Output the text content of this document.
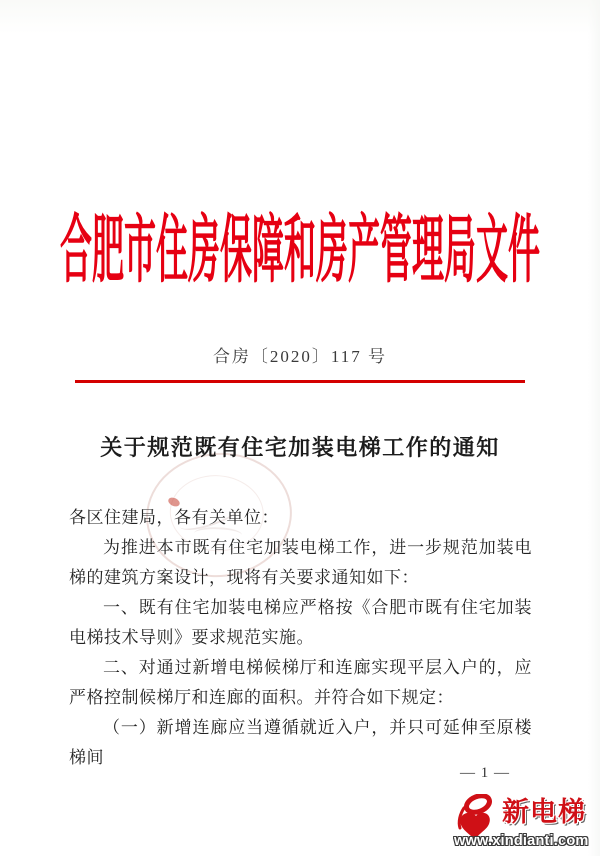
合肥市住房保障和房产管理局文件
合房〔2020〕117 号
关于规范既有住宅加装电梯工作的通知

各区住建局，各有关单位：

为推进本市既有住宅加装电梯工作，进一步规范加装电梯的建筑方案设计，现将有关要求通知如下：

一、既有住宅加装电梯应严格按《合肥市既有住宅加装电梯技术导则》要求规范实施。

二、对通过新增电梯候梯厅和连廊实现平层入户的，应严格控制候梯厅和连廊的面积。并符合如下规定：

（一）新增连廊应当遵循就近入户，并只可延伸至原楼梯间

— 1 —
新电梯
www.xindianti.com
